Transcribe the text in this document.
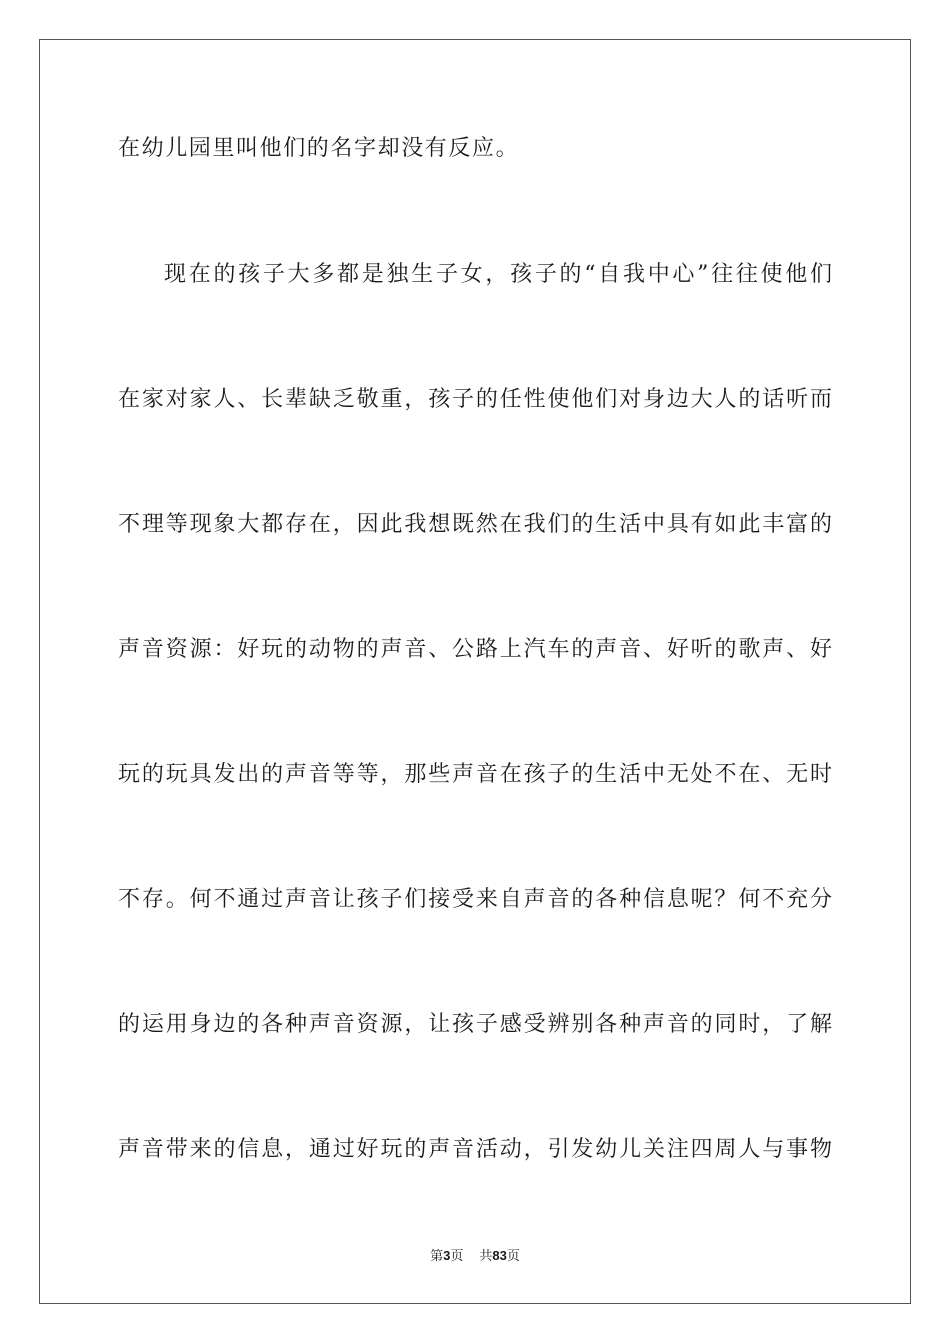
在幼儿园里叫他们的名字却没有反应。
现在的孩子大多都是独生子女，孩子的“自我中心”往往使他们
在家对家人、长辈缺乏敬重，孩子的任性使他们对身边大人的话听而
不理等现象大都存在，因此我想既然在我们的生活中具有如此丰富的
声音资源：好玩的动物的声音、公路上汽车的声音、好听的歌声、好
玩的玩具发出的声音等等，那些声音在孩子的生活中无处不在、无时
不存。何不通过声音让孩子们接受来自声音的各种信息呢？何不充分
的运用身边的各种声音资源，让孩子感受辨别各种声音的同时，了解
声音带来的信息，通过好玩的声音活动，引发幼儿关注四周人与事物
第3页 共83页
